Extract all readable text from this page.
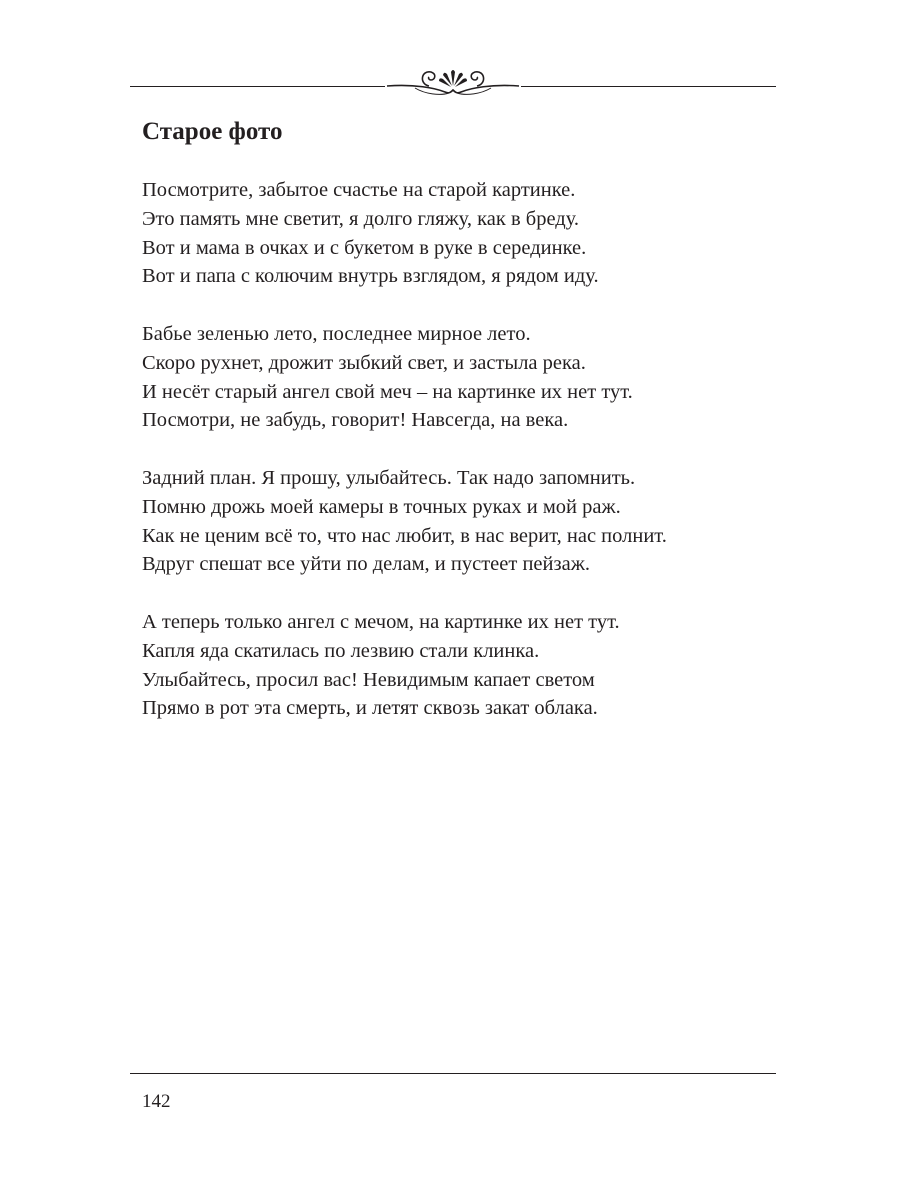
Старое фото

Посмотрите, забытое счастье на старой картинке.
Это память мне светит, я долго гляжу, как в бреду.
Вот и мама в очках и с букетом в руке в серединке.
Вот и папа с колючим внутрь взглядом, я рядом иду.

Бабье зеленью лето, последнее мирное лето.
Скоро рухнет, дрожит зыбкий свет, и застыла река.
И несёт старый ангел свой меч – на картинке их нет тут.
Посмотри, не забудь, говорит! Навсегда, на века.

Задний план. Я прошу, улыбайтесь. Так надо запомнить.
Помню дрожь моей камеры в точных руках и мой раж.
Как не ценим всё то, что нас любит, в нас верит, нас полнит.
Вдруг спешат все уйти по делам, и пустеет пейзаж.

А теперь только ангел с мечом, на картинке их нет тут.
Капля яда скатилась по лезвию стали клинка.
Улыбайтесь, просил вас! Невидимым капает светом
Прямо в рот эта смерть, и летят сквозь закат облака.

142
